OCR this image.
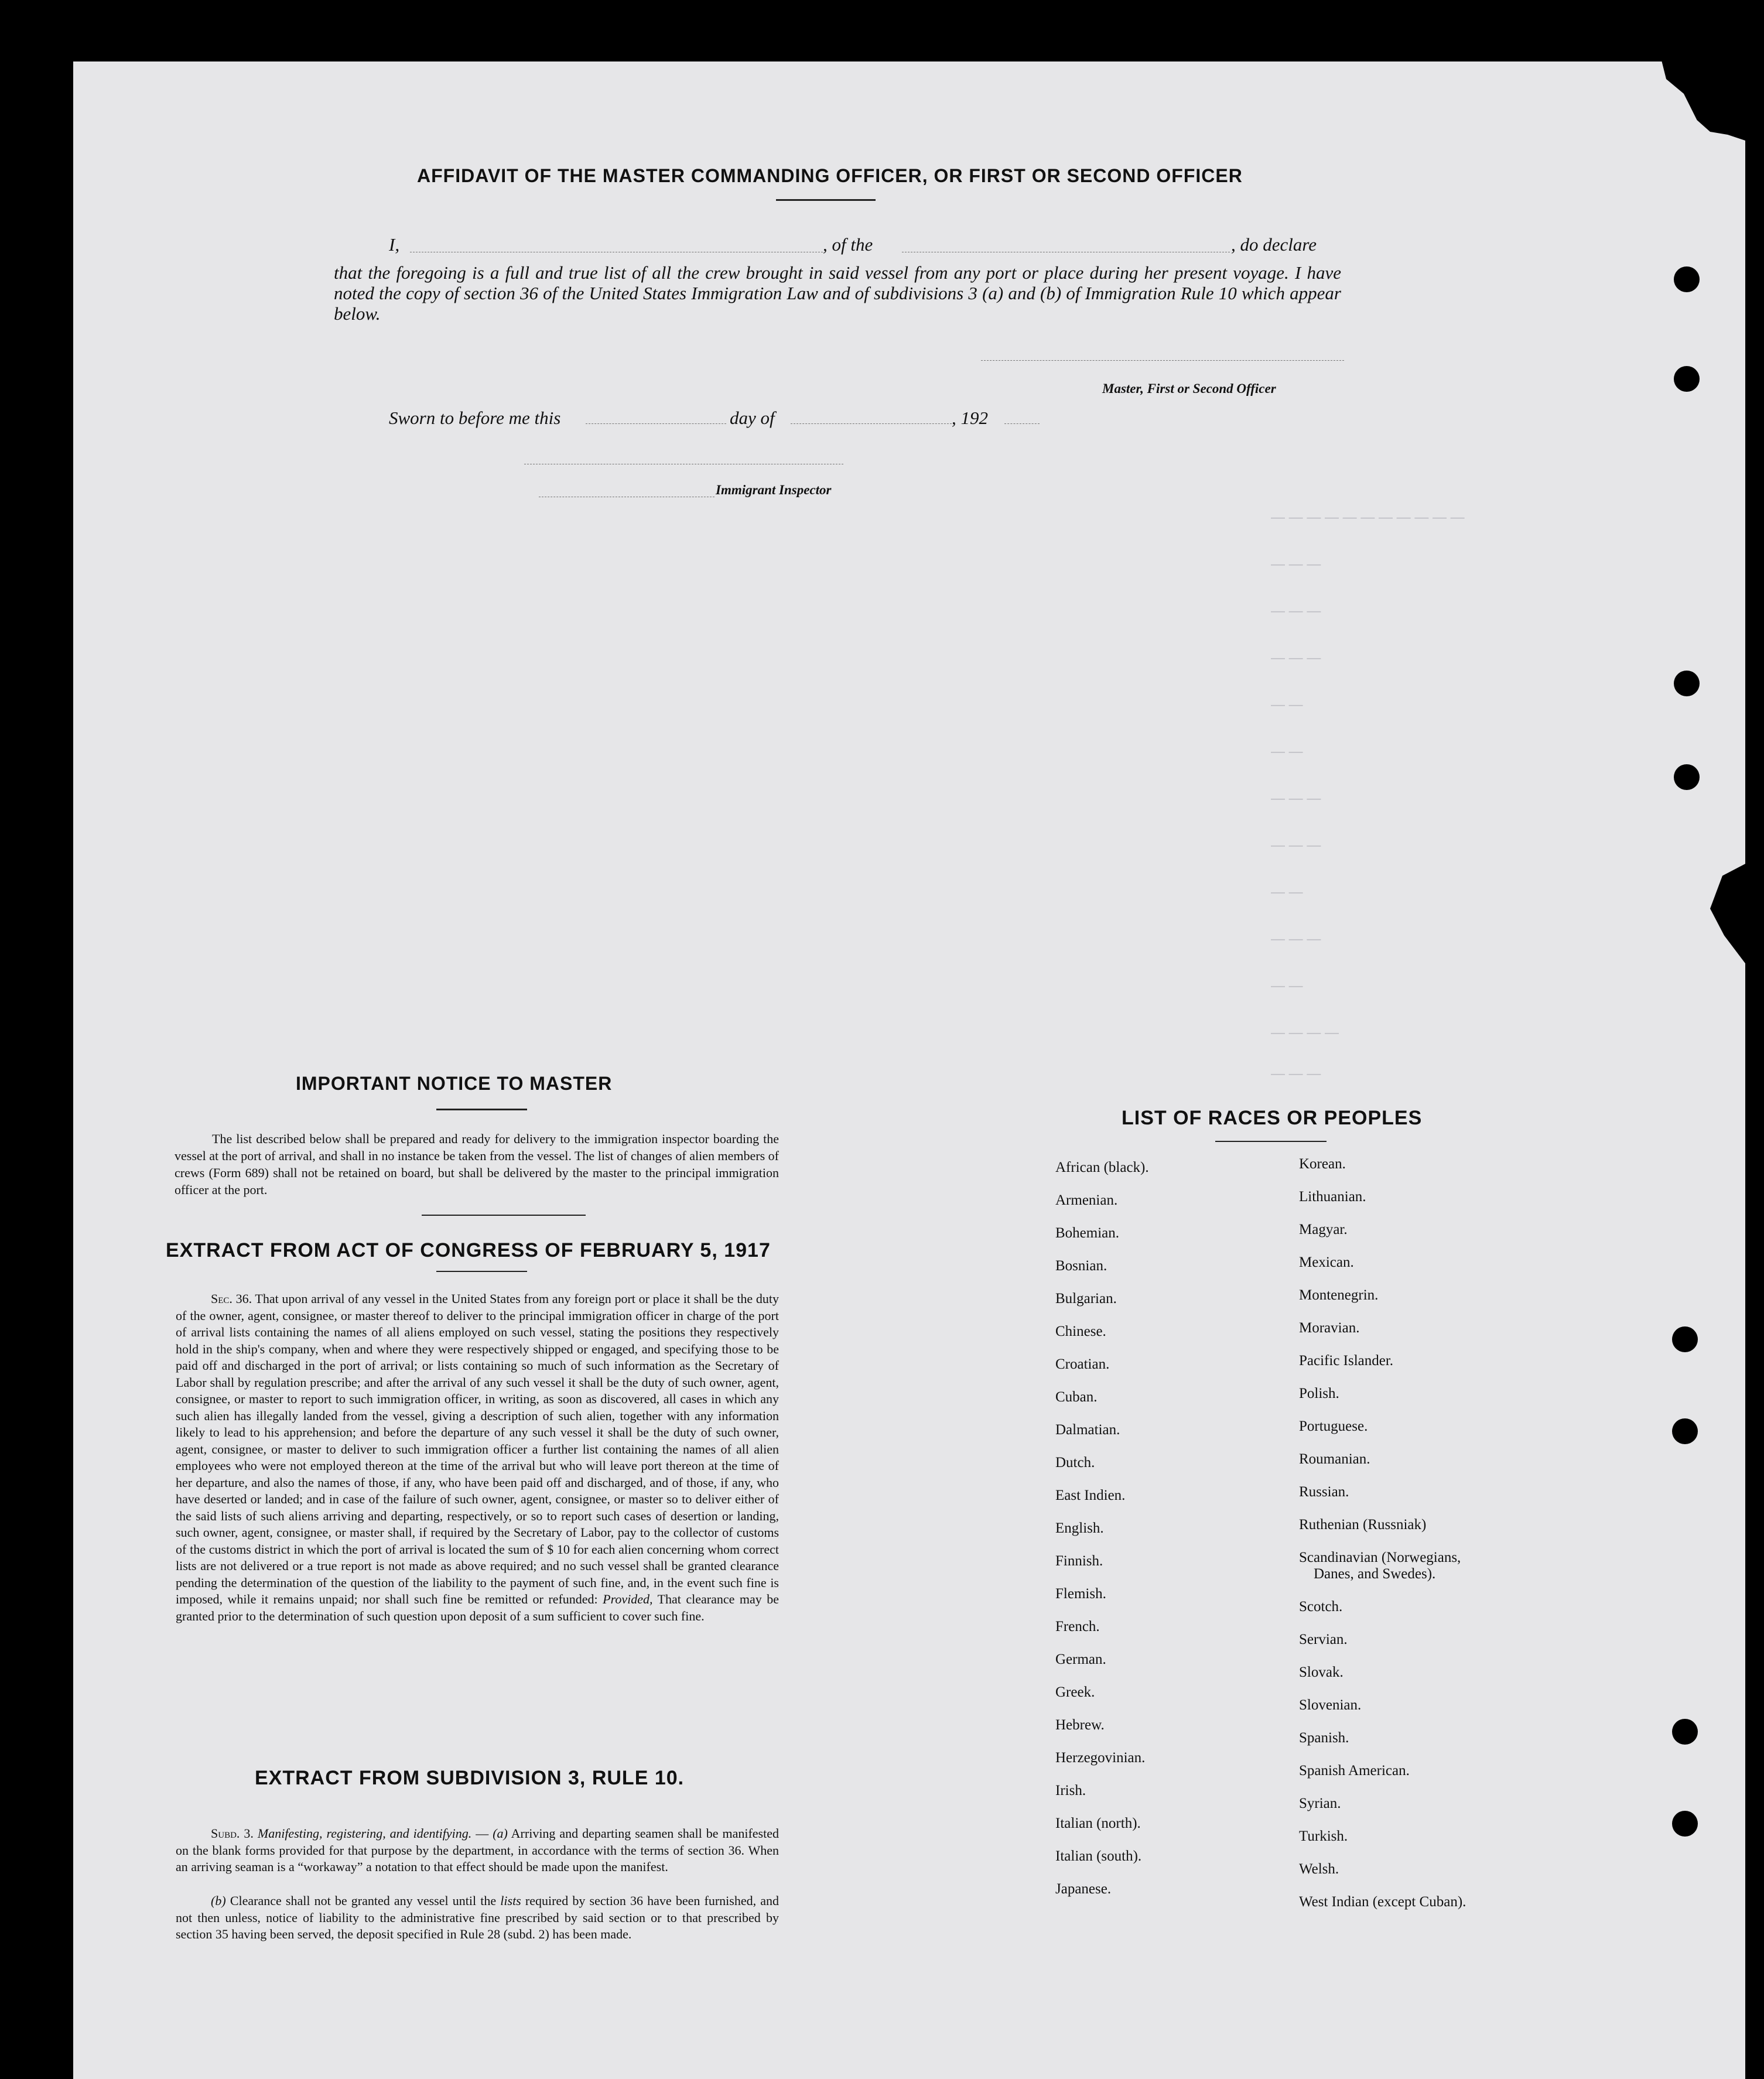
— — — — — — — — — — —
— — —
— — —
— — —
— —
— —
— — —
— — —
— —
— — —
— —
— — — —
— — —
AFFIDAVIT OF THE MASTER COMMANDING OFFICER, OR FIRST OR SECOND OFFICER
I,	, of the	, do declare
that the foregoing is a full and true list of all the crew brought in said vessel from any port or place during her present voyage. I have noted the copy of section 36 of the United States Immigration Law and of subdivisions 3 (a) and (b) of Immigration Rule 10 which appear below.
Master, First or Second Officer
Sworn to before me this	day of	, 192
Immigrant Inspector
IMPORTANT NOTICE TO MASTER
The list described below shall be prepared and ready for delivery to the immigration inspector boarding the vessel at the port of arrival, and shall in no instance be taken from the vessel. The list of changes of alien members of crews (Form 689) shall not be retained on board, but shall be delivered by the master to the principal immigration officer at the port.
EXTRACT FROM ACT OF CONGRESS OF FEBRUARY 5, 1917
Sec. 36. That upon arrival of any vessel in the United States from any foreign port or place it shall be the duty of the owner, agent, consignee, or master thereof to deliver to the principal immigration officer in charge of the port of arrival lists containing the names of all aliens employed on such vessel, stating the positions they respectively hold in the ship's company, when and where they were respectively shipped or engaged, and specifying those to be paid off and discharged in the port of arrival; or lists containing so much of such information as the Secretary of Labor shall by regulation prescribe; and after the arrival of any such vessel it shall be the duty of such owner, agent, consignee, or master to report to such immigration officer, in writing, as soon as discovered, all cases in which any such alien has illegally landed from the vessel, giving a description of such alien, together with any information likely to lead to his apprehension; and before the departure of any such vessel it shall be the duty of such owner, agent, consignee, or master to deliver to such immigration officer a further list containing the names of all alien employees who were not employed thereon at the time of the arrival but who will leave port thereon at the time of her departure, and also the names of those, if any, who have been paid off and discharged, and of those, if any, who have deserted or landed; and in case of the failure of such owner, agent, consignee, or master so to deliver either of the said lists of such aliens arriving and departing, respectively, or so to report such cases of desertion or landing, such owner, agent, consignee, or master shall, if required by the Secretary of Labor, pay to the collector of customs of the customs district in which the port of arrival is located the sum of $ 10 for each alien concerning whom correct lists are not delivered or a true report is not made as above required; and no such vessel shall be granted clearance pending the determination of the question of the liability to the payment of such fine, and, in the event such fine is imposed, while it remains unpaid; nor shall such fine be remitted or refunded: Provided, That clearance may be granted prior to the determination of such question upon deposit of a sum sufficient to cover such fine.
EXTRACT FROM SUBDIVISION 3, RULE 10.
Subd. 3. Manifesting, registering, and identifying. — (a) Arriving and departing seamen shall be manifested on the blank forms provided for that purpose by the department, in accordance with the terms of section 36. When an arriving seaman is a “workaway” a notation to that effect should be made upon the manifest.
(b) Clearance shall not be granted any vessel until the lists required by section 36 have been furnished, and not then unless, notice of liability to the administrative fine prescribed by said section or to that prescribed by section 35 having been served, the deposit specified in Rule 28 (subd. 2) has been made.
LIST OF RACES OR PEOPLES
African (black).
Armenian.
Bohemian.
Bosnian.
Bulgarian.
Chinese.
Croatian.
Cuban.
Dalmatian.
Dutch.
East Indien.
English.
Finnish.
Flemish.
French.
German.
Greek.
Hebrew.
Herzegovinian.
Irish.
Italian (north).
Italian (south).
Japanese.
Korean.
Lithuanian.
Magyar.
Mexican.
Montenegrin.
Moravian.
Pacific Islander.
Polish.
Portuguese.
Roumanian.
Russian.
Ruthenian (Russniak)
Scandinavian (Norwegians,
Danes, and Swedes).
Scotch.
Servian.
Slovak.
Slovenian.
Spanish.
Spanish American.
Syrian.
Turkish.
Welsh.
West Indian (except Cuban).
